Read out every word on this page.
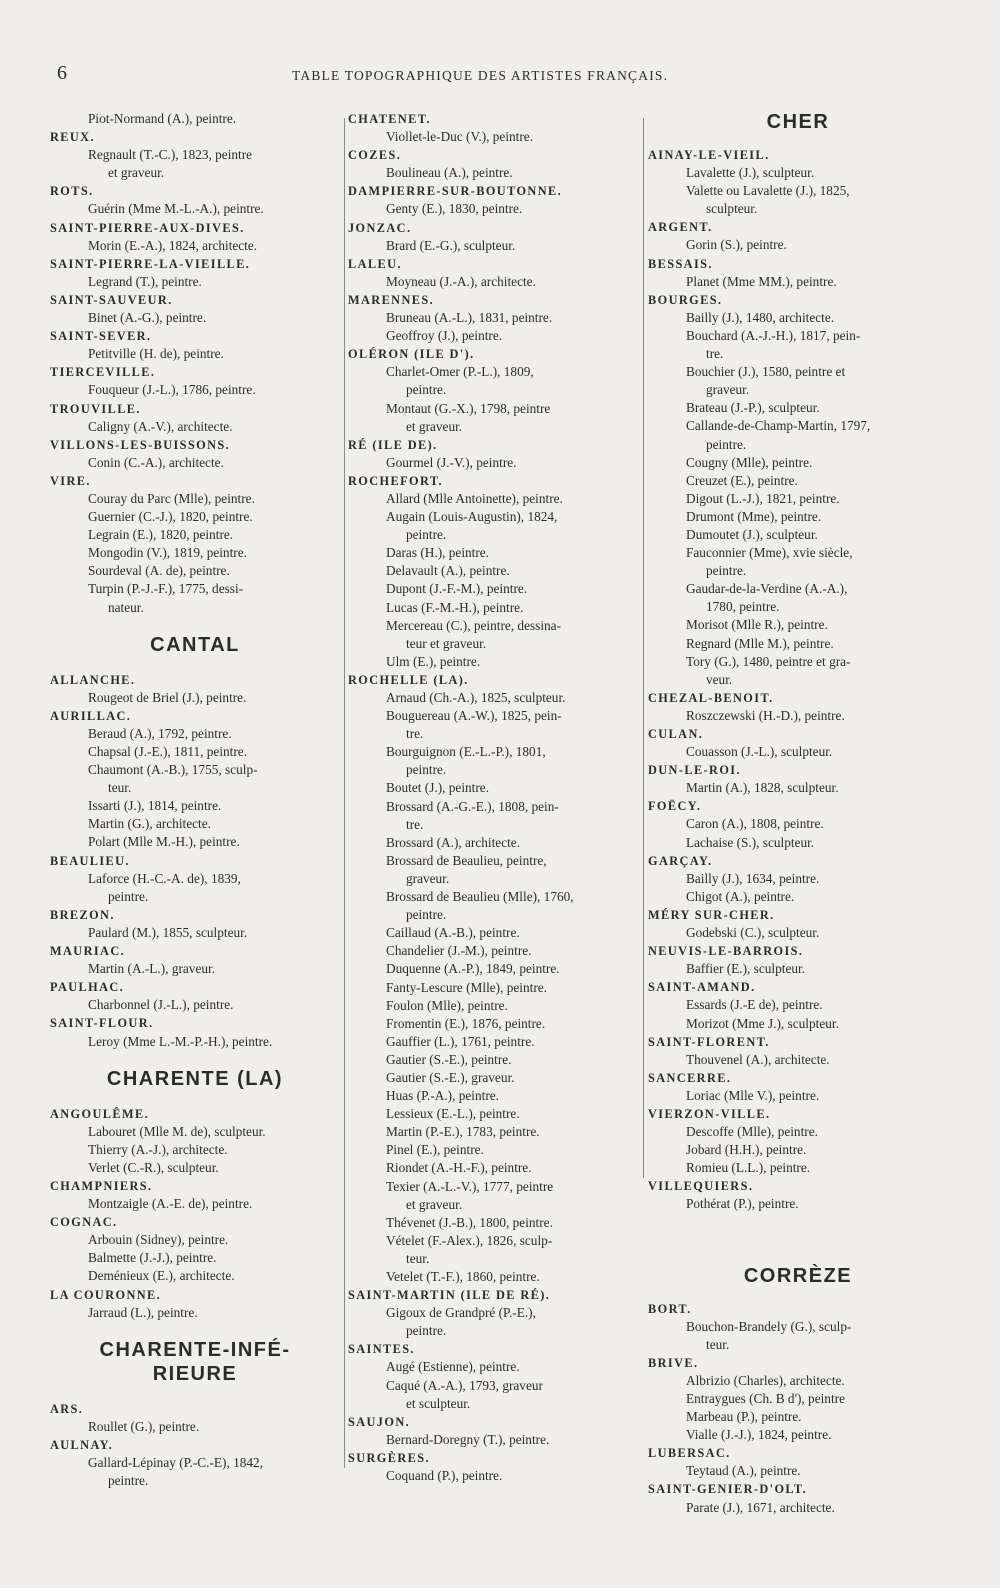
6	TABLE TOPOGRAPHIQUE DES ARTISTES FRANÇAIS.
Piot-Normand (A.), peintre.
REUX.
Regnault (T.-C.), 1823, peintre
et graveur.
ROTS.
Guérin (Mme M.-L.-A.), peintre.
SAINT-PIERRE-AUX-DIVES.
Morin (E.-A.), 1824, architecte.
SAINT-PIERRE-LA-VIEILLE.
Legrand (T.), peintre.
SAINT-SAUVEUR.
Binet (A.-G.), peintre.
SAINT-SEVER.
Petitville (H. de), peintre.
TIERCEVILLE.
Fouqueur (J.-L.), 1786, peintre.
TROUVILLE.
Caligny (A.-V.), architecte.
VILLONS-LES-BUISSONS.
Conin (C.-A.), architecte.
VIRE.
Couray du Parc (Mlle), peintre.
Guernier (C.-J.), 1820, peintre.
Legrain (E.), 1820, peintre.
Mongodin (V.), 1819, peintre.
Sourdeval (A. de), peintre.
Turpin (P.-J.-F.), 1775, dessi-
nateur.
CANTAL
ALLANCHE.
Rougeot de Briel (J.), peintre.
AURILLAC.
Beraud (A.), 1792, peintre.
Chapsal (J.-E.), 1811, peintre.
Chaumont (A.-B.), 1755, sculp-
teur.
Issarti (J.), 1814, peintre.
Martin (G.), architecte.
Polart (Mlle M.-H.), peintre.
BEAULIEU.
Laforce (H.-C.-A. de), 1839,
peintre.
BREZON.
Paulard (M.), 1855, sculpteur.
MAURIAC.
Martin (A.-L.), graveur.
PAULHAC.
Charbonnel (J.-L.), peintre.
SAINT-FLOUR.
Leroy (Mme L.-M.-P.-H.), peintre.
CHARENTE (LA)
ANGOULÊME.
Labouret (Mlle M. de), sculpteur.
Thierry (A.-J.), architecte.
Verlet (C.-R.), sculpteur.
CHAMPNIERS.
Montzaigle (A.-E. de), peintre.
COGNAC.
Arbouin (Sidney), peintre.
Balmette (J.-J.), peintre.
Deménieux (E.), architecte.
LA COURONNE.
Jarraud (L.), peintre.
CHARENTE-INFÉ-
RIEURE
ARS.
Roullet (G.), peintre.
AULNAY.
Gallard-Lépinay (P.-C.-E), 1842,
peintre.
CHATENET.
Viollet-le-Duc (V.), peintre.
COZES.
Boulineau (A.), peintre.
DAMPIERRE-SUR-BOUTONNE.
Genty (E.), 1830, peintre.
JONZAC.
Brard (E.-G.), sculpteur.
LALEU.
Moyneau (J.-A.), architecte.
MARENNES.
Bruneau (A.-L.), 1831, peintre.
Geoffroy (J.), peintre.
OLÉRON (ILE D').
Charlet-Omer (P.-L.), 1809,
peintre.
Montaut (G.-X.), 1798, peintre
et graveur.
RÉ (ILE DE).
Gourmel (J.-V.), peintre.
ROCHEFORT.
Allard (Mlle Antoinette), peintre.
Augain (Louis-Augustin), 1824,
peintre.
Daras (H.), peintre.
Delavault (A.), peintre.
Dupont (J.-F.-M.), peintre.
Lucas (F.-M.-H.), peintre.
Mercereau (C.), peintre, dessina-
teur et graveur.
Ulm (E.), peintre.
ROCHELLE (LA).
Arnaud (Ch.-A.), 1825, sculpteur.
Bouguereau (A.-W.), 1825, pein-
tre.
Bourguignon (E.-L.-P.), 1801,
peintre.
Boutet (J.), peintre.
Brossard (A.-G.-E.), 1808, pein-
tre.
Brossard (A.), architecte.
Brossard de Beaulieu, peintre,
graveur.
Brossard de Beaulieu (Mlle), 1760,
peintre.
Caillaud (A.-B.), peintre.
Chandelier (J.-M.), peintre.
Duquenne (A.-P.), 1849, peintre.
Fanty-Lescure (Mlle), peintre.
Foulon (Mlle), peintre.
Fromentin (E.), 1876, peintre.
Gauffier (L.), 1761, peintre.
Gautier (S.-E.), peintre.
Gautier (S.-E.), graveur.
Huas (P.-A.), peintre.
Lessieux (E.-L.), peintre.
Martin (P.-E.), 1783, peintre.
Pinel (E.), peintre.
Riondet (A.-H.-F.), peintre.
Texier (A.-L.-V.), 1777, peintre
et graveur.
Thévenet (J.-B.), 1800, peintre.
Vételet (F.-Alex.), 1826, sculp-
teur.
Vetelet (T.-F.), 1860, peintre.
SAINT-MARTIN (ILE DE RÉ).
Gigoux de Grandpré (P.-E.),
peintre.
SAINTES.
Augé (Estienne), peintre.
Caqué (A.-A.), 1793, graveur
et sculpteur.
SAUJON.
Bernard-Doregny (T.), peintre.
SURGÈRES.
Coquand (P.), peintre.
CHER
AINAY-LE-VIEIL.
Lavalette (J.), sculpteur.
Valette ou Lavalette (J.), 1825,
sculpteur.
ARGENT.
Gorin (S.), peintre.
BESSAIS.
Planet (Mme MM.), peintre.
BOURGES.
Bailly (J.), 1480, architecte.
Bouchard (A.-J.-H.), 1817, pein-
tre.
Bouchier (J.), 1580, peintre et
graveur.
Brateau (J.-P.), sculpteur.
Callande-de-Champ-Martin, 1797,
peintre.
Cougny (Mlle), peintre.
Creuzet (E.), peintre.
Digout (L.-J.), 1821, peintre.
Drumont (Mme), peintre.
Dumoutet (J.), sculpteur.
Fauconnier (Mme), xvie siècle,
peintre.
Gaudar-de-la-Verdine (A.-A.),
1780, peintre.
Morisot (Mlle R.), peintre.
Regnard (Mlle M.), peintre.
Tory (G.), 1480, peintre et gra-
veur.
CHEZAL-BENOIT.
Roszczewski (H.-D.), peintre.
CULAN.
Couasson (J.-L.), sculpteur.
DUN-LE-ROI.
Martin (A.), 1828, sculpteur.
FOËCY.
Caron (A.), 1808, peintre.
Lachaise (S.), sculpteur.
GARÇAY.
Bailly (J.), 1634, peintre.
Chigot (A.), peintre.
MÉRY SUR-CHER.
Godebski (C.), sculpteur.
NEUVIS-LE-BARROIS.
Baffier (E.), sculpteur.
SAINT-AMAND.
Essards (J.-E de), peintre.
Morizot (Mme J.), sculpteur.
SAINT-FLORENT.
Thouvenel (A.), architecte.
SANCERRE.
Loriac (Mlle V.), peintre.
VIERZON-VILLE.
Descoffe (Mlle), peintre.
Jobard (H.H.), peintre.
Romieu (L.L.), peintre.
VILLEQUIERS.
Pothérat (P.), peintre.
CORRÈZE
BORT.
Bouchon-Brandely (G.), sculp-
teur.
BRIVE.
Albrizio (Charles), architecte.
Entraygues (Ch. B d'), peintre
Marbeau (P.), peintre.
Vialle (J.-J.), 1824, peintre.
LUBERSAC.
Teytaud (A.), peintre.
SAINT-GENIER-D'OLT.
Parate (J.), 1671, architecte.
